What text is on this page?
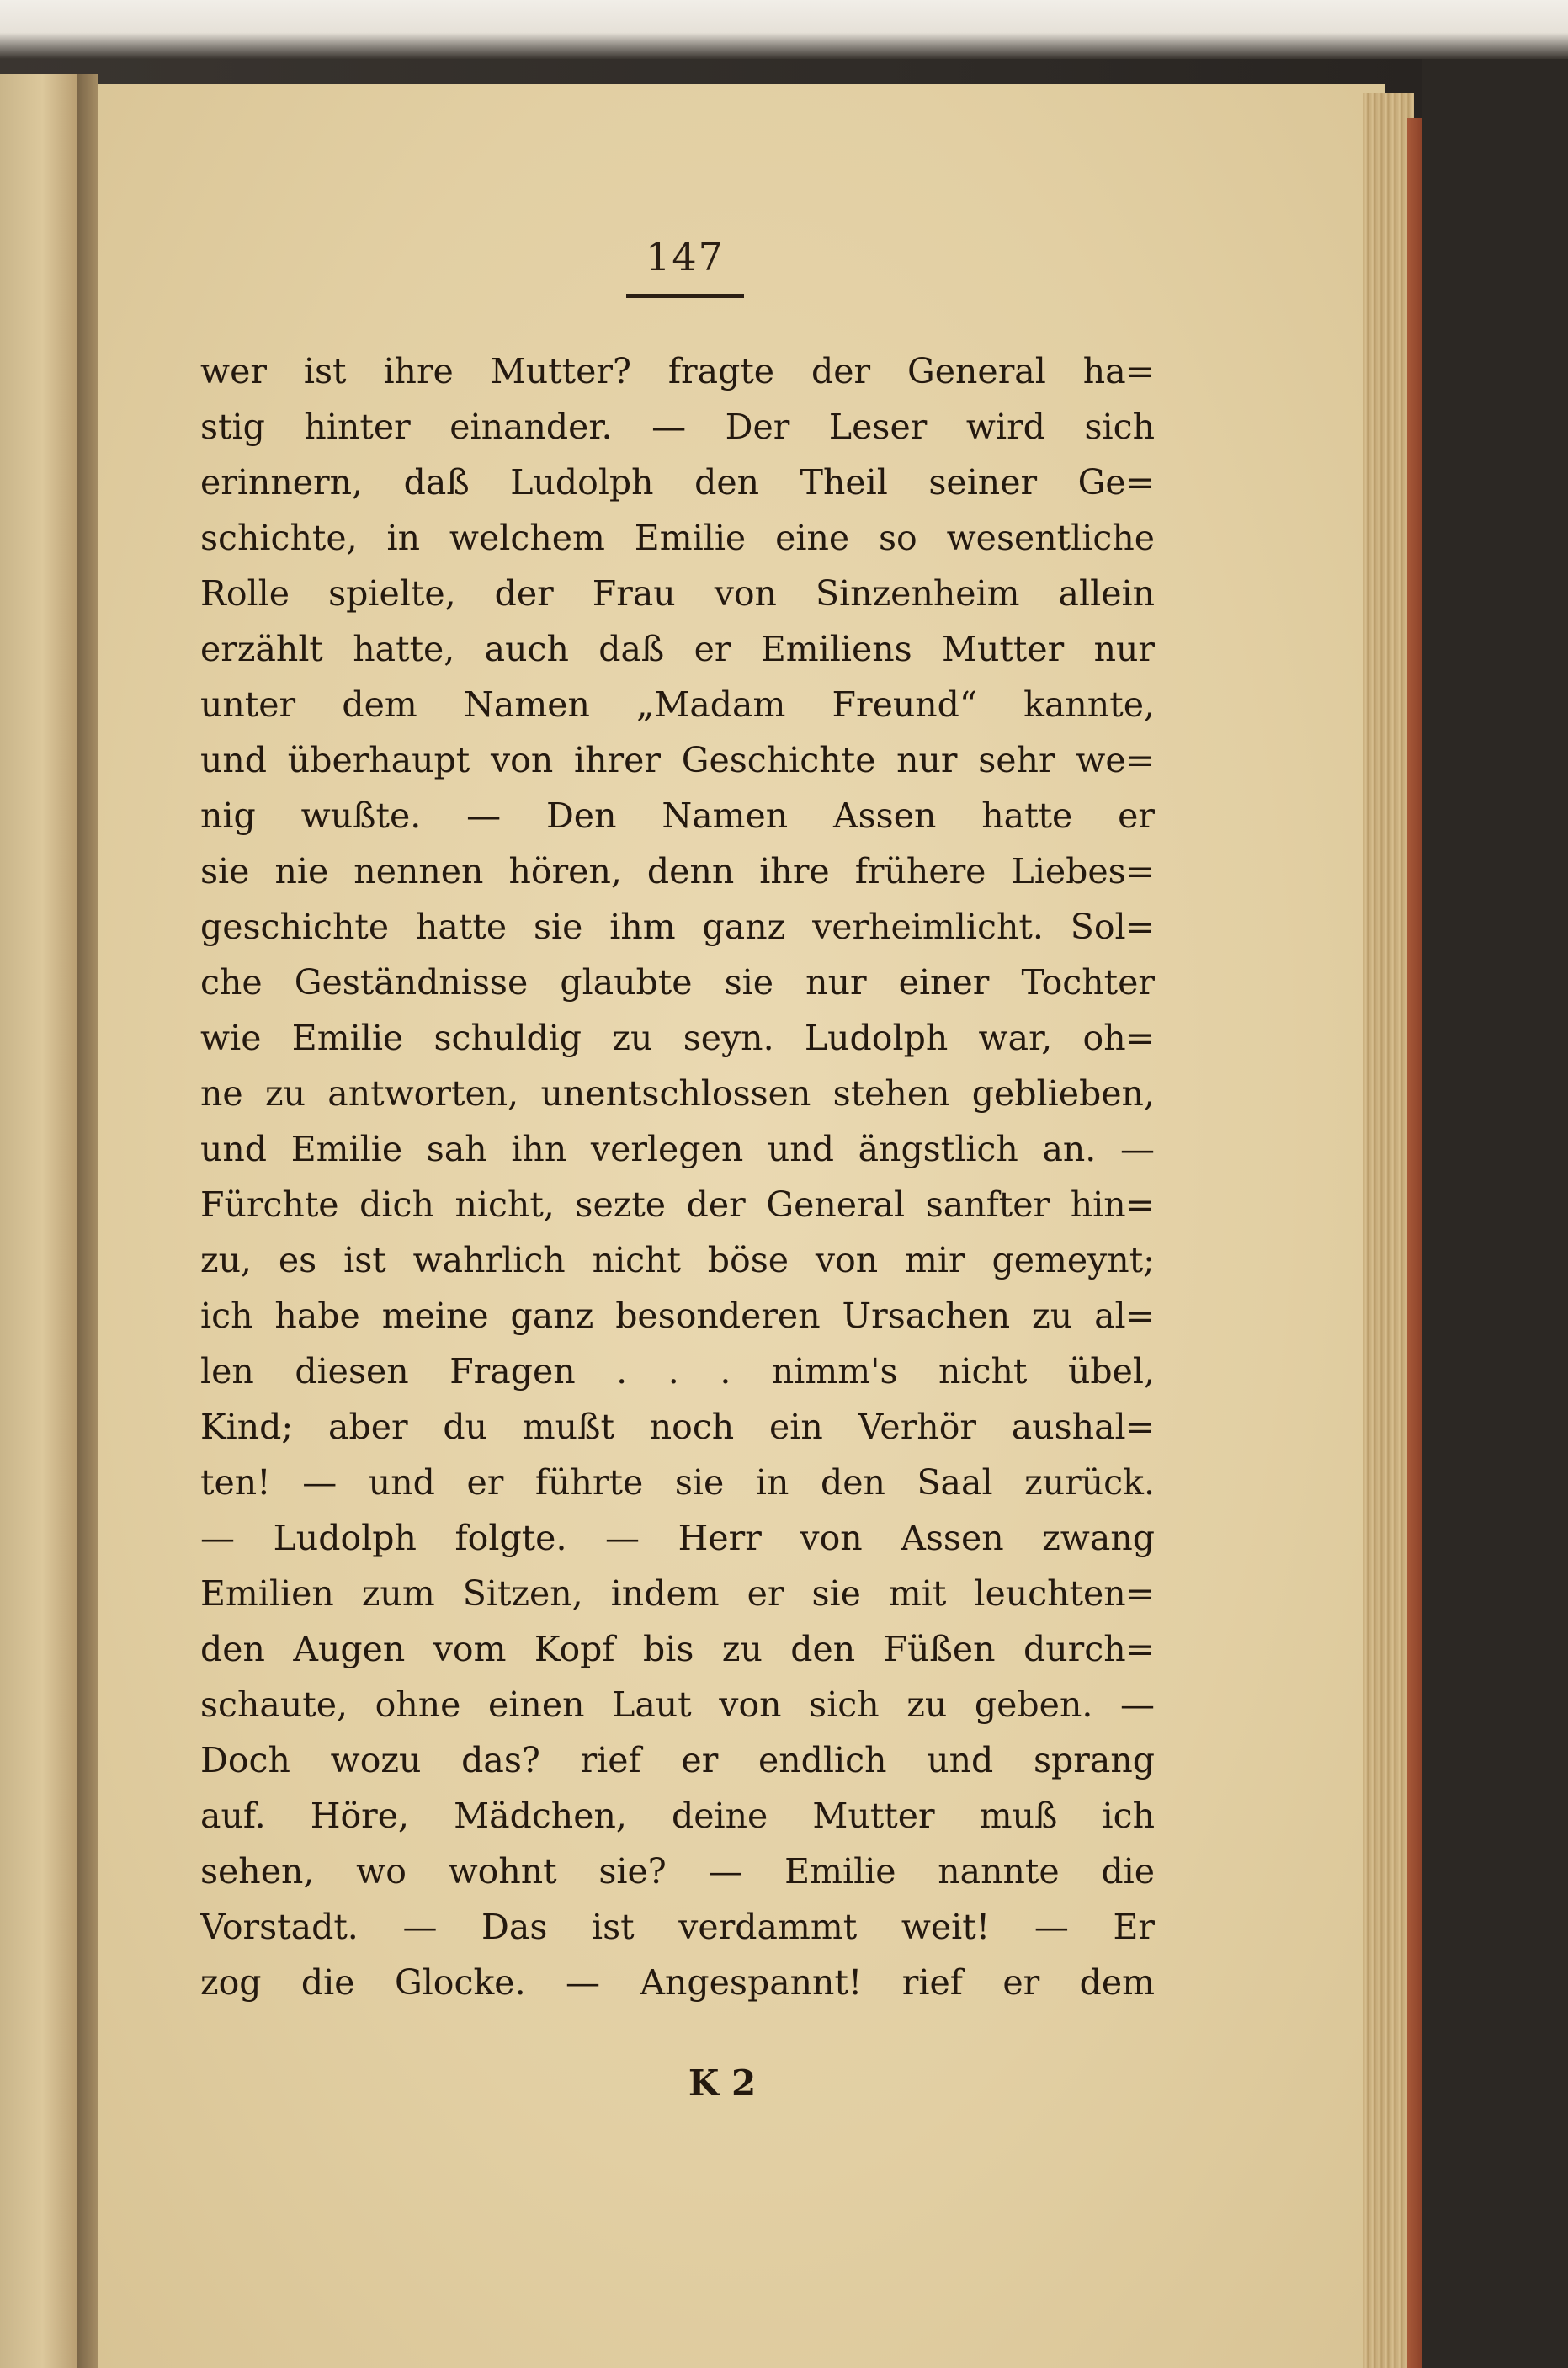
147
wer ist ihre Mutter? fragte der General ha=
stig hinter einander. — Der Leser wird sich
erinnern, daß Ludolph den Theil seiner Ge=
schichte, in welchem Emilie eine so wesentliche
Rolle spielte, der Frau von Sinzenheim allein
erzählt hatte, auch daß er Emiliens Mutter nur
unter dem Namen „Madam Freund“ kannte,
und überhaupt von ihrer Geschichte nur sehr we=
nig wußte. — Den Namen Assen hatte er
sie nie nennen hören, denn ihre frühere Liebes=
geschichte hatte sie ihm ganz verheimlicht. Sol=
che Geständnisse glaubte sie nur einer Tochter
wie Emilie schuldig zu seyn. Ludolph war, oh=
ne zu antworten, unentschlossen stehen geblieben,
und Emilie sah ihn verlegen und ängstlich an. —
Fürchte dich nicht, sezte der General sanfter hin=
zu, es ist wahrlich nicht böse von mir gemeynt;
ich habe meine ganz besonderen Ursachen zu al=
len diesen Fragen . . . nimm's nicht übel,
Kind; aber du mußt noch ein Verhör aushal=
ten! — und er führte sie in den Saal zurück.
— Ludolph folgte. — Herr von Assen zwang
Emilien zum Sitzen, indem er sie mit leuchten=
den Augen vom Kopf bis zu den Füßen durch=
schaute, ohne einen Laut von sich zu geben. —
Doch wozu das? rief er endlich und sprang
auf. Höre, Mädchen, deine Mutter muß ich
sehen, wo wohnt sie? — Emilie nannte die
Vorstadt. — Das ist verdammt weit! — Er
zog die Glocke. — Angespannt! rief er dem
K 2
